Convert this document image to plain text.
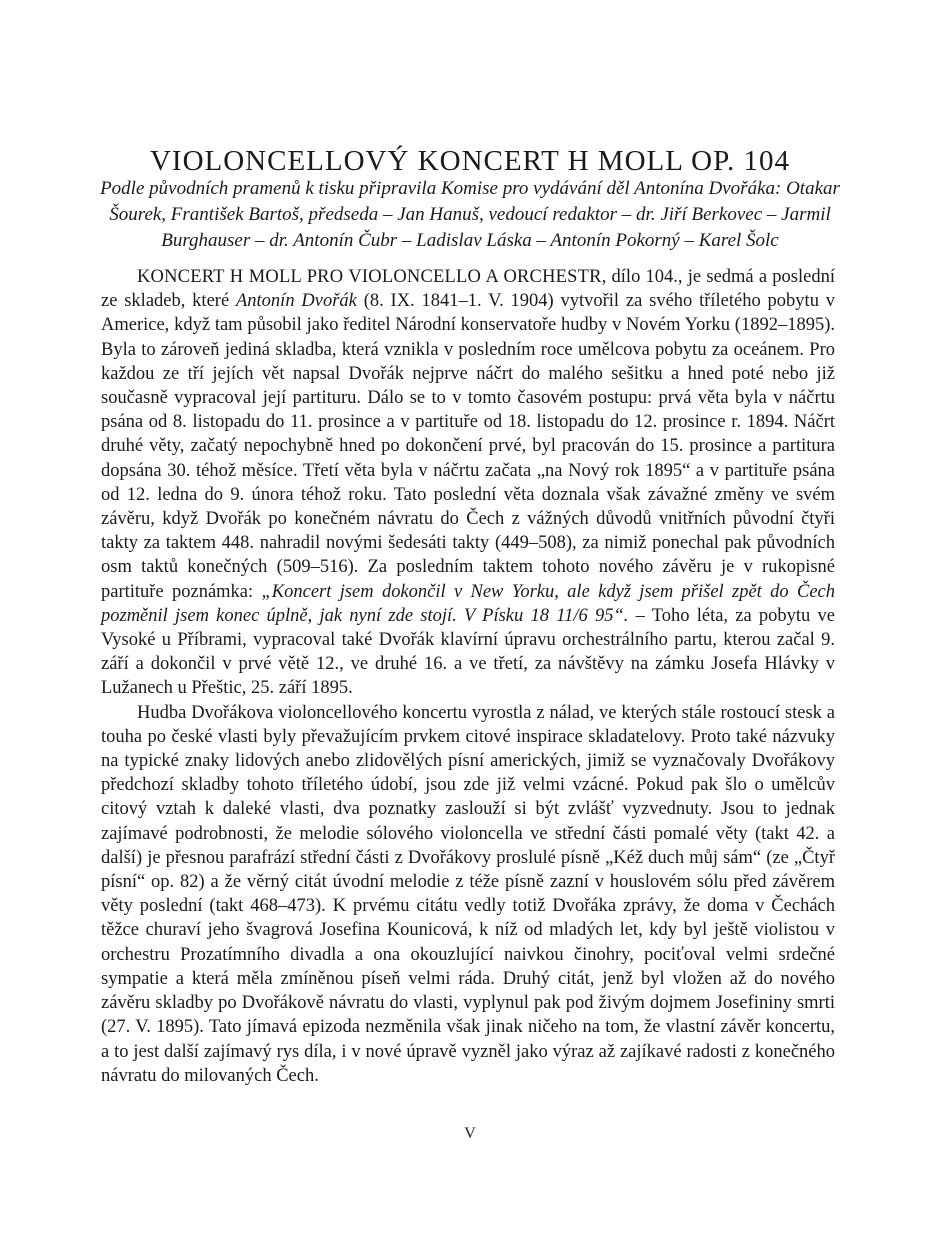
VIOLONCELLOVÝ KONCERT H MOLL OP. 104
Podle původních pramenů k tisku připravila Komise pro vydávání děl Antonína Dvořáka: Otakar Šourek, František Bartoš, předseda – Jan Hanuš, vedoucí redaktor – dr. Jiří Berkovec – Jarmil Burghauser – dr. Antonín Čubr – Ladislav Láska – Antonín Pokorný – Karel Šolc

KONCERT H MOLL PRO VIOLONCELLO A ORCHESTR, dílo 104., je sedmá a poslední ze skladeb, které Antonín Dvořák (8. IX. 1841–1. V. 1904) vytvořil za svého tříletého pobytu v Americe, když tam působil jako ředitel Národní konservatoře hudby v Novém Yorku (1892–1895). Byla to zároveň jediná skladba, která vznikla v posledním roce umělcova pobytu za oceánem. Pro každou ze tří jejích vět napsal Dvořák nejprve náčrt do malého sešitku a hned poté nebo již současně vypracoval její partituru. Dálo se to v tomto časovém postupu: prvá věta byla v náčrtu psána od 8. listopadu do 11. prosince a v partituře od 18. listopadu do 12. prosince r. 1894. Náčrt druhé věty, začatý nepochybně hned po dokončení prvé, byl pracován do 15. prosince a partitura dopsána 30. téhož měsíce. Třetí věta byla v náčrtu začata „na Nový rok 1895“ a v partituře psána od 12. ledna do 9. února téhož roku. Tato poslední věta doznala však závažné změny ve svém závěru, když Dvořák po konečném návratu do Čech z vážných důvodů vnitřních původní čtyři takty za taktem 448. nahradil novými šedesáti takty (449–508), za nimiž ponechal pak původních osm taktů konečných (509–516). Za posledním taktem tohoto nového závěru je v rukopisné partituře poznámka: „Koncert jsem dokončil v New Yorku, ale když jsem přišel zpět do Čech pozměnil jsem konec úplně, jak nyní zde stojí. V Písku 18 11/6 95“. – Toho léta, za pobytu ve Vysoké u Příbrami, vypracoval také Dvořák klavírní úpravu orchestrálního partu, kterou začal 9. září a dokončil v prvé větě 12., ve druhé 16. a ve třetí, za návštěvy na zámku Josefa Hlávky v Lužanech u Přeštic, 25. září 1895.

Hudba Dvořákova violoncellového koncertu vyrostla z nálad, ve kterých stále rostoucí stesk a touha po české vlasti byly převažujícím prvkem citové inspirace skladatelovy. Proto také názvuky na typické znaky lidových anebo zlidovělých písní amerických, jimiž se vyznačovaly Dvořákovy předchozí skladby tohoto tříletého údobí, jsou zde již velmi vzácné. Pokud pak šlo o umělcův citový vztah k daleké vlasti, dva poznatky zaslouží si být zvlášť vyzvednuty. Jsou to jednak zajímavé podrobnosti, že melodie sólového violoncella ve střední části pomalé věty (takt 42. a další) je přesnou parafrází střední části z Dvořákovy proslulé písně „Kéž duch můj sám“ (ze „Čtyř písní“ op. 82) a že věrný citát úvodní melodie z téže písně zazní v houslovém sólu před závěrem věty poslední (takt 468–473). K prvému citátu vedly totiž Dvořáka zprávy, že doma v Čechách těžce churaví jeho švagrová Josefina Kounicová, k níž od mladých let, kdy byl ještě violistou v orchestru Prozatímního divadla a ona okouzlující naivkou činohry, pociťoval velmi srdečné sympatie a která měla zmíněnou píseň velmi ráda. Druhý citát, jenž byl vložen až do nového závěru skladby po Dvořákově návratu do vlasti, vyplynul pak pod živým dojmem Josefininy smrti (27. V. 1895). Tato jímavá epizoda nezměnila však jinak ničeho na tom, že vlastní závěr koncertu, a to jest další zajímavý rys díla, i v nové úpravě vyzněl jako výraz až zajíkavé radosti z konečného návratu do milovaných Čech.

V
